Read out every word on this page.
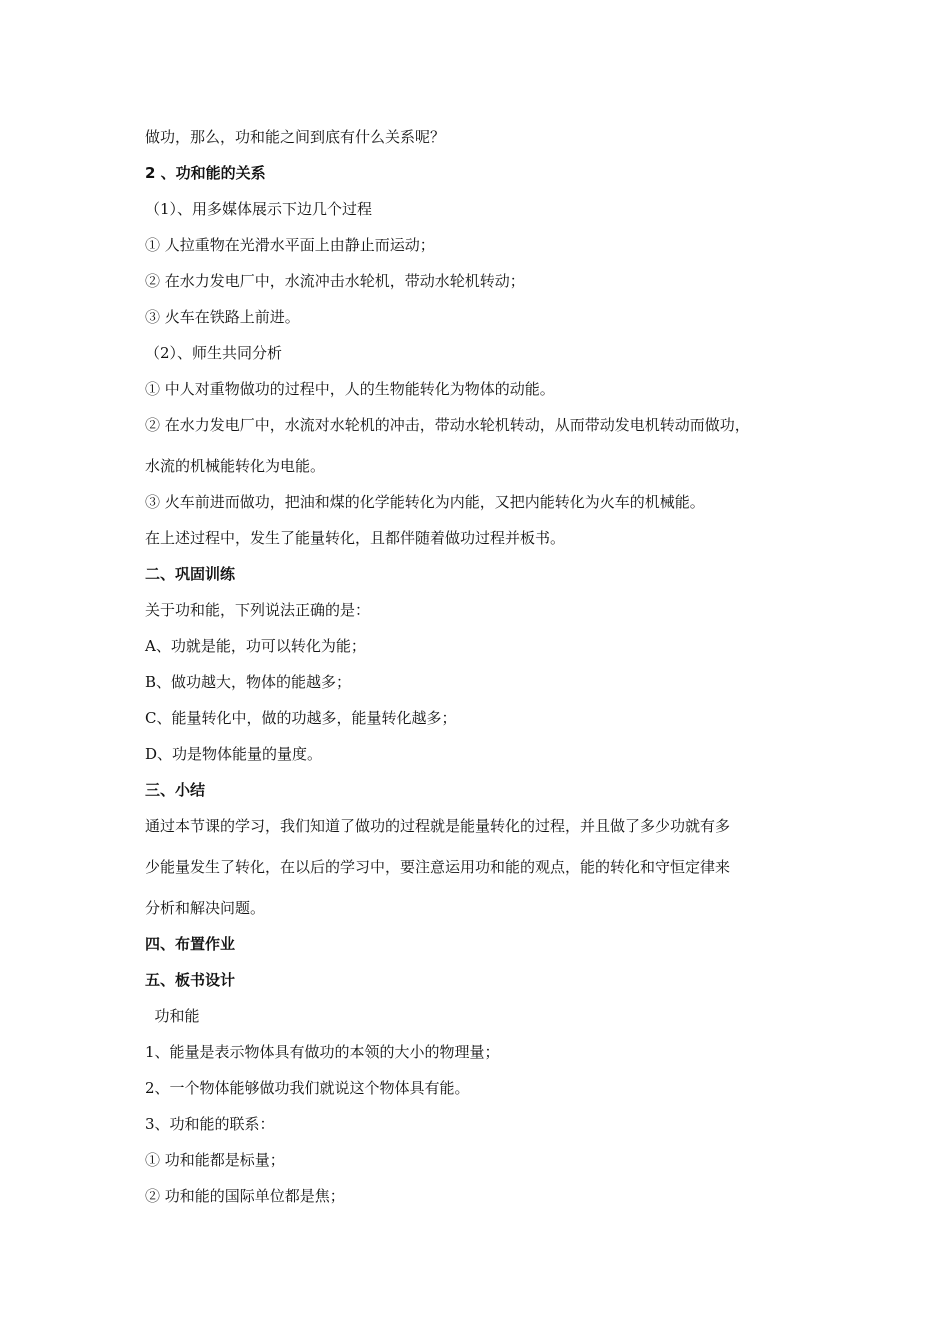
做功，那么，功和能之间到底有什么关系呢？
2 、功和能的关系
（1）、用多媒体展示下边几个过程
① 人拉重物在光滑水平面上由静止而运动；
② 在水力发电厂中，水流冲击水轮机，带动水轮机转动；
③ 火车在铁路上前进。
（2）、师生共同分析
① 中人对重物做功的过程中，人的生物能转化为物体的动能。
② 在水力发电厂中，水流对水轮机的冲击，带动水轮机转动，从而带动发电机转动而做功，
水流的机械能转化为电能。
③ 火车前进而做功，把油和煤的化学能转化为内能，又把内能转化为火车的机械能。
在上述过程中，发生了能量转化，且都伴随着做功过程并板书。
二、巩固训练
关于功和能，下列说法正确的是：
A、功就是能，功可以转化为能；
B、做功越大，物体的能越多；
C、能量转化中，做的功越多，能量转化越多；
D、功是物体能量的量度。
三、小结
通过本节课的学习，我们知道了做功的过程就是能量转化的过程，并且做了多少功就有多
少能量发生了转化，在以后的学习中，要注意运用功和能的观点，能的转化和守恒定律来
分析和解决问题。
四、布置作业
五、板书设计
功和能
1、能量是表示物体具有做功的本领的大小的物理量；
2、一个物体能够做功我们就说这个物体具有能。
3、功和能的联系：
① 功和能都是标量；
② 功和能的国际单位都是焦；
